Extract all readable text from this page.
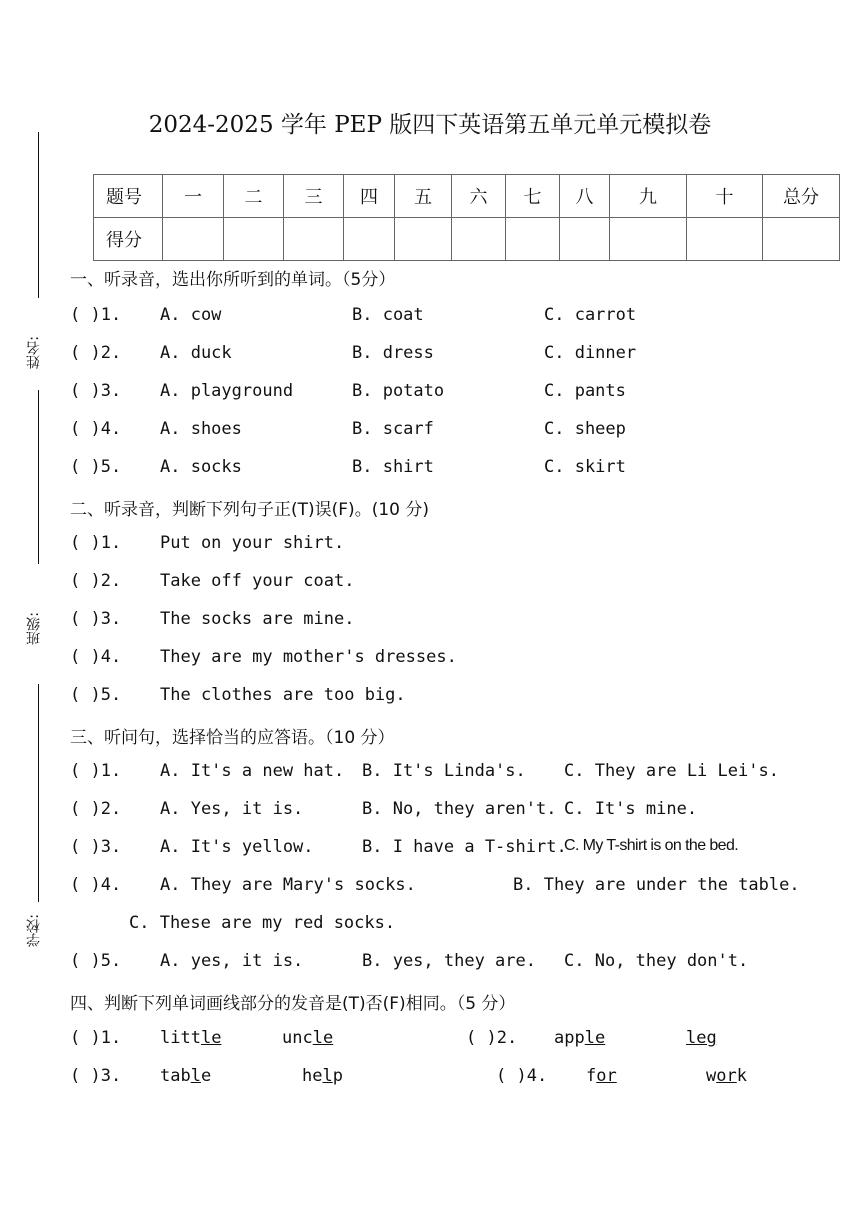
2024-2025 学年 PEP 版四下英语第五单元单元模拟卷
姓名:
班级:
学校:
题号	一	二	三	四	五	六	七	八	九	十	总分
得分											
一、听录音，选出你所听到的单词。（5分）
( )1. A. cow	B. coat	C. carrot
( )2. A. duck	B. dress	C. dinner
( )3. A. playground	B. potato	C. pants
( )4. A. shoes	B. scarf	C. sheep
( )5. A. socks	B. shirt	C. skirt
二、听录音，判断下列句子正(T)误(F)。(10 分)
( )1. Put on your shirt.
( )2. Take off your coat.
( )3. The socks are mine.
( )4. They are my mother's dresses.
( )5. The clothes are too big.
三、听问句，选择恰当的应答语。（10 分）
( )1. A. It's a new hat. B. It's Linda's. C. They are Li Lei's.
( )2. A. Yes, it is.	B. No, they aren't. C. It's mine.
( )3. A. It's yellow.	B. I have a T-shirt.
C. My T-shirt is on the bed.
( )4. A. They are Mary's socks.	B. They are under the table.
C. These are my red socks.
( )5. A. yes, it is.	B. yes, they are. C. No, they don't.
四、判断下列单词画线部分的发音是(T)否(F)相同。（5 分）
( )1. little	uncle	( )2. apple	leg
( )3. table	help	( )4. for	work
